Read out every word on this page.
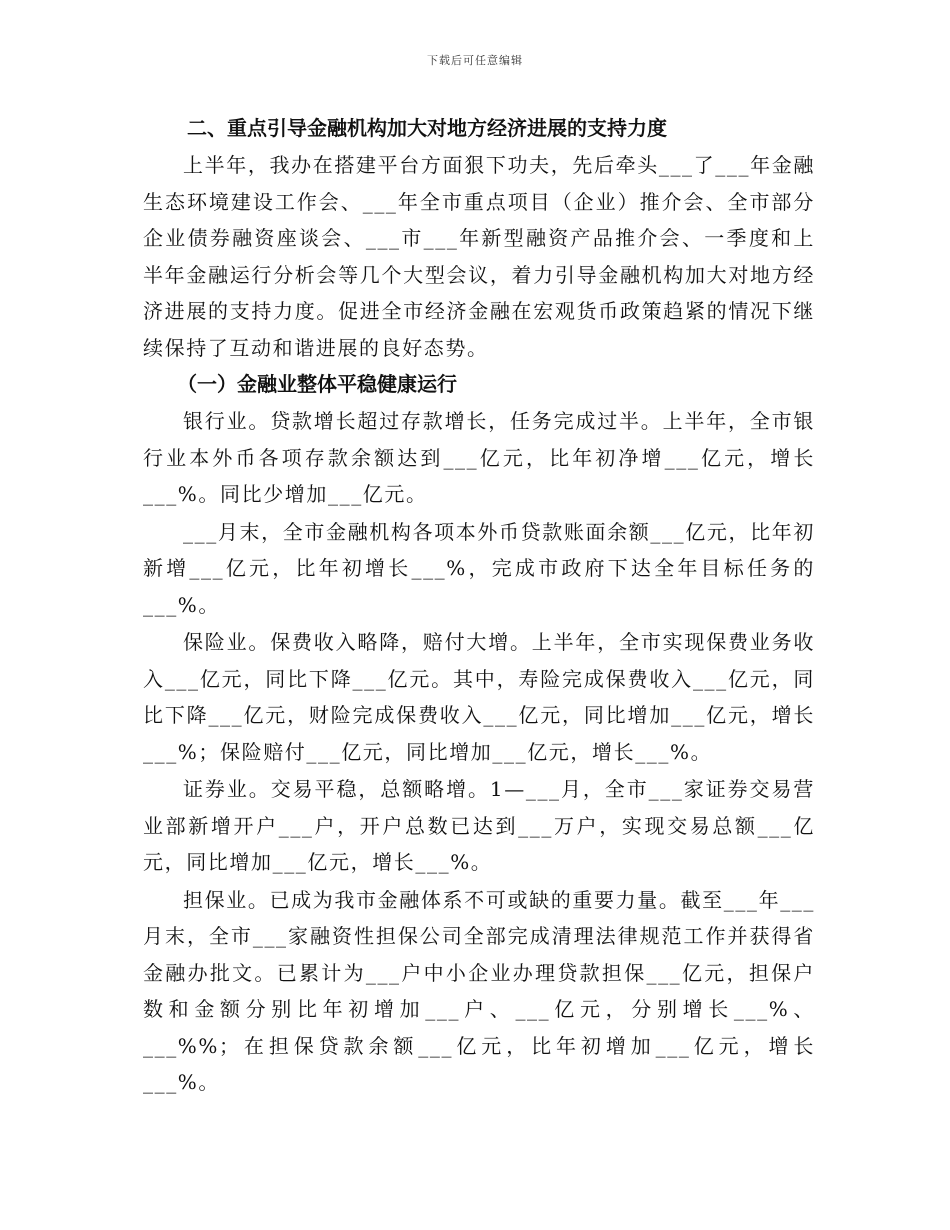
下载后可任意编辑
二、重点引导金融机构加大对地方经济进展的支持力度

上半年，我办在搭建平台方面狠下功夫，先后牵头___了___年金融生态环境建设工作会、___年全市重点项目（企业）推介会、全市部分企业债券融资座谈会、___市___年新型融资产品推介会、一季度和上半年金融运行分析会等几个大型会议，着力引导金融机构加大对地方经济进展的支持力度。促进全市经济金融在宏观货币政策趋紧的情况下继续保持了互动和谐进展的良好态势。

（一）金融业整体平稳健康运行

银行业。贷款增长超过存款增长，任务完成过半。上半年，全市银行业本外币各项存款余额达到___亿元，比年初净增___亿元，增长___%。同比少增加___亿元。

___月末，全市金融机构各项本外币贷款账面余额___亿元，比年初新增___亿元，比年初增长___%，完成市政府下达全年目标任务的___%。

保险业。保费收入略降，赔付大增。上半年，全市实现保费业务收入___亿元，同比下降___亿元。其中，寿险完成保费收入___亿元，同比下降___亿元，财险完成保费收入___亿元，同比增加___亿元，增长___%；保险赔付___亿元，同比增加___亿元，增长___%。

证券业。交易平稳，总额略增。1—___月，全市___家证券交易营业部新增开户___户，开户总数已达到___万户，实现交易总额___亿元，同比增加___亿元，增长___%。

担保业。已成为我市金融体系不可或缺的重要力量。截至___年___月末，全市___家融资性担保公司全部完成清理法律规范工作并获得省金融办批文。已累计为___户中小企业办理贷款担保___亿元，担保户数和金额分别比年初增加___户、___亿元，分别增长___%、___%%；在担保贷款余额___亿元，比年初增加___亿元，增长___%。
